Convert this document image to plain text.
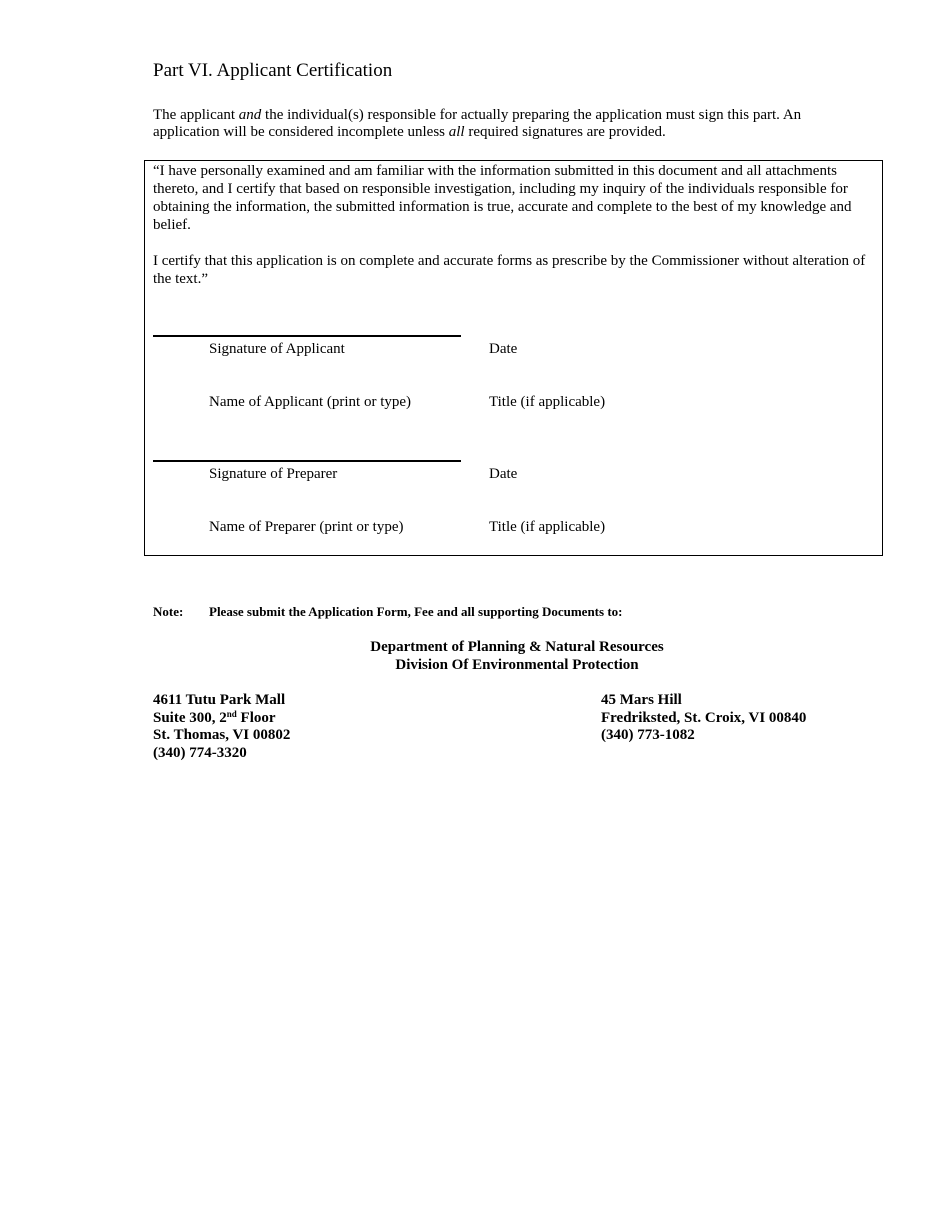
Part VI. Applicant Certification
The applicant and the individual(s) responsible for actually preparing the application must sign this part. An application will be considered incomplete unless all required signatures are provided.

“I have personally examined and am familiar with the information submitted in this document and all attachments thereto, and I certify that based on responsible investigation, including my inquiry of the individuals responsible for obtaining the information, the submitted information is true, accurate and complete to the best of my knowledge and belief.

I certify that this application is on complete and accurate forms as prescribe by the Commissioner without alteration of the text.”

Signature of Applicant	Date
Name of Applicant (print or type)	Title (if applicable)
Signature of Preparer	Date
Name of Preparer (print or type)	Title (if applicable)
Note: Please submit the Application Form, Fee and all supporting Documents to:
Department of Planning & Natural Resources
Division Of Environmental Protection
4611 Tutu Park Mall
Suite 300, 2nd Floor
St. Thomas, VI 00802
(340) 774-3320
45 Mars Hill
Fredriksted, St. Croix, VI 00840
(340) 773-1082
